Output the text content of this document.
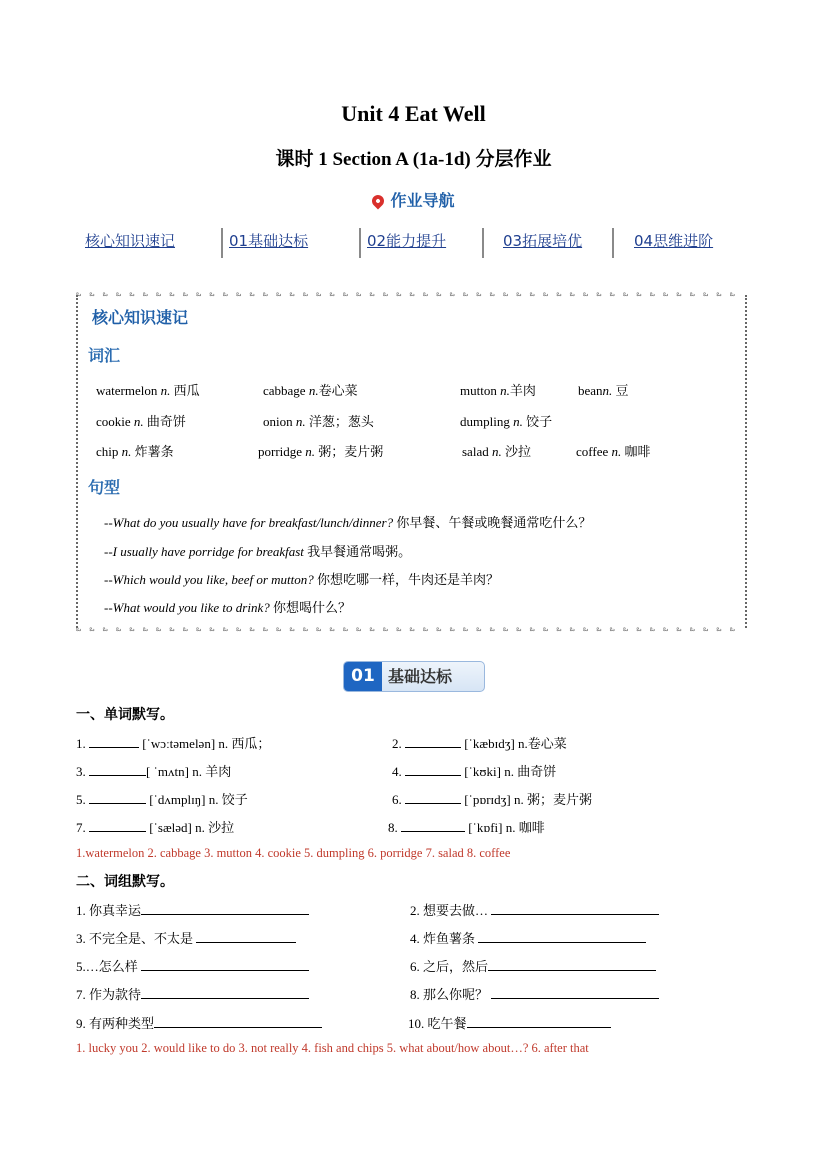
Unit 4 Eat Well
课时 1 Section A (1a-1d) 分层作业
作业导航
核心知识速记	01基础达标	02能力提升	03拓展培优	04思维进阶
ఒ ఒ ఒ ఒ ఒ ఒ ఒ ఒ ఒ ఒ ఒ ఒ ఒ ఒ ఒ ఒ ఒ ఒ ఒ ఒ ఒ ఒ ఒ ఒ ఒ ఒ ఒ ఒ ఒ ఒ ఒ ఒ ఒ ఒ ఒ ఒ ఒ ఒ ఒ ఒ ఒ ఒ ఒ ఒ ఒ ఒ ఒ ఒ ఒ ఒ
ఒ ఒ ఒ ఒ ఒ ఒ ఒ ఒ ఒ ఒ ఒ ఒ ఒ ఒ ఒ ఒ ఒ ఒ ఒ ఒ ఒ ఒ ఒ ఒ ఒ ఒ ఒ ఒ ఒ ఒ ఒ ఒ ఒ ఒ ఒ ఒ ఒ ఒ ఒ ఒ ఒ ఒ ఒ ఒ ఒ ఒ ఒ ఒ ఒ ఒ
核心知识速记
词汇
watermelon n. 西瓜	cabbage n.卷心菜	mutton n.羊肉	beann. 豆
cookie n. 曲奇饼	onion n. 洋葱；葱头	dumpling n. 饺子
chip n. 炸薯条	porridge n. 粥；麦片粥	salad n. 沙拉	coffee n. 咖啡
句型
--What do you usually have for breakfast/lunch/dinner? 你早餐、午餐或晚餐通常吃什么？
--I usually have porridge for breakfast 我早餐通常喝粥。
--Which would you like, beef or mutton? 你想吃哪一样，牛肉还是羊肉？
--What would you like to drink? 你想喝什么？
01 基础达标
一、单词默写。
1.	[ˈwɔːtəmelən] n. 西瓜；	2.	[ˈkæbɪdʒ] n.卷心菜
3.	[ ˈmʌtn] n. 羊肉	4.	[ˈkʊki] n. 曲奇饼
5.	[ˈdʌmplɪŋ] n. 饺子	6.	[ˈpɒrɪdʒ] n. 粥；麦片粥
7.	[ˈsæləd] n. 沙拉	8.	[ˈkɒfi] n. 咖啡
1.watermelon 2. cabbage 3. mutton 4. cookie 5. dumpling 6. porridge 7. salad 8. coffee
二、词组默写。
1. 你真幸运	2. 想要去做…
3. 不完全是、不太是	4. 炸鱼薯条
5.…怎么样	6. 之后，然后
7. 作为款待	8. 那么你呢？
9. 有两种类型	10. 吃午餐
1. lucky you 2. would like to do 3. not really 4. fish and chips 5. what about/how about…? 6. after that
